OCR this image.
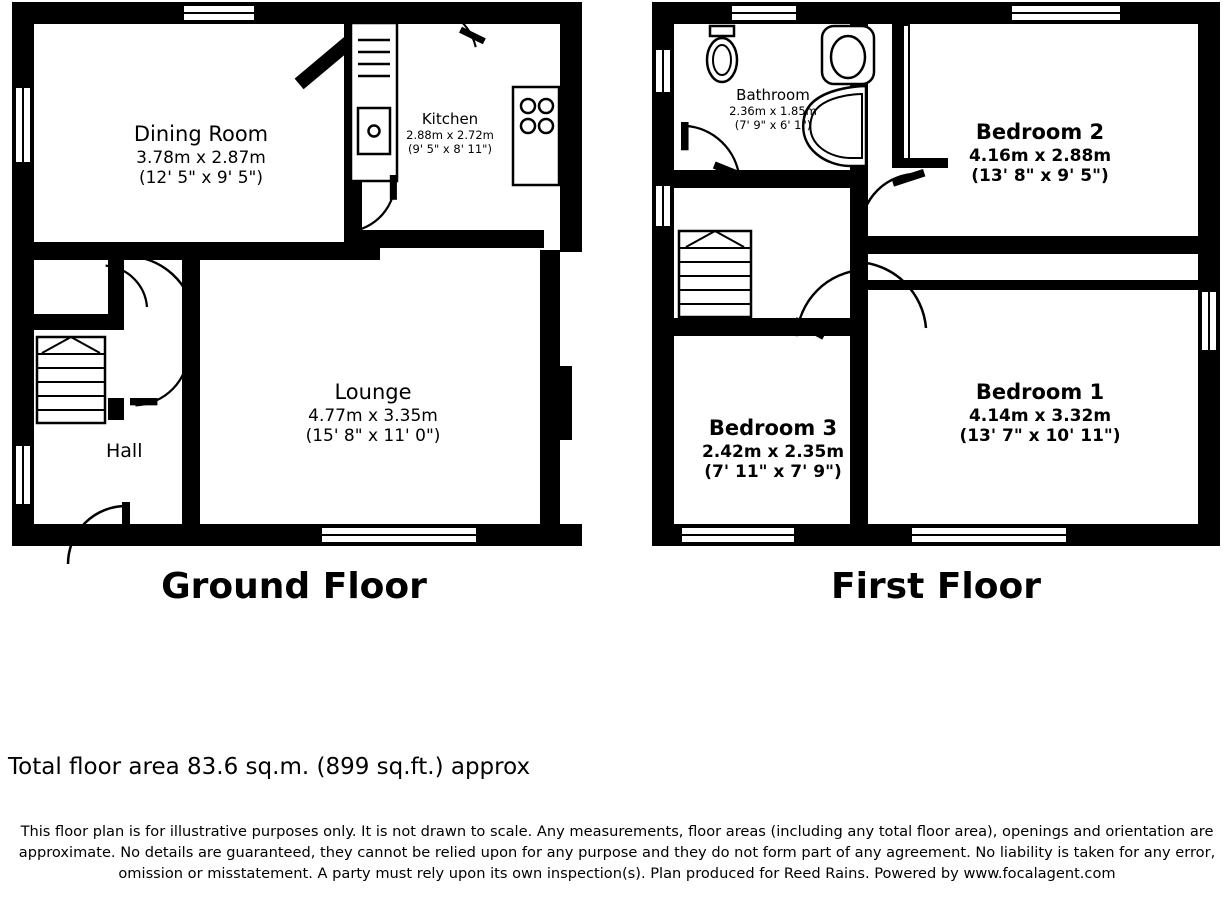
Dining Room
3.78m x 2.87m
(12' 5" x 9' 5")
Kitchen
2.88m x 2.72m
(9' 5" x 8' 11")
Lounge
4.77m x 3.35m
(15' 8" x 11' 0")
Hall
Ground Floor
Bathroom
2.36m x 1.85m
(7' 9" x 6' 1")	Bedroom 2
4.16m x 2.88m
(13' 8" x 9' 5")
Bedroom 3
2.42m x 2.35m
(7' 11" x 7' 9")
Bedroom 1
4.14m x 3.32m
(13' 7" x 10' 11")
First Floor
Total floor area 83.6 sq.m. (899 sq.ft.) approx
This floor plan is for illustrative purposes only. It is not drawn to scale. Any measurements, floor areas (including any total floor area), openings and orientation are approximate. No details are guaranteed, they cannot be relied upon for any purpose and they do not form part of any agreement. No liability is taken for any error, omission or misstatement. A party must rely upon its own inspection(s). Plan produced for Reed Rains. Powered by www.focalagent.com
